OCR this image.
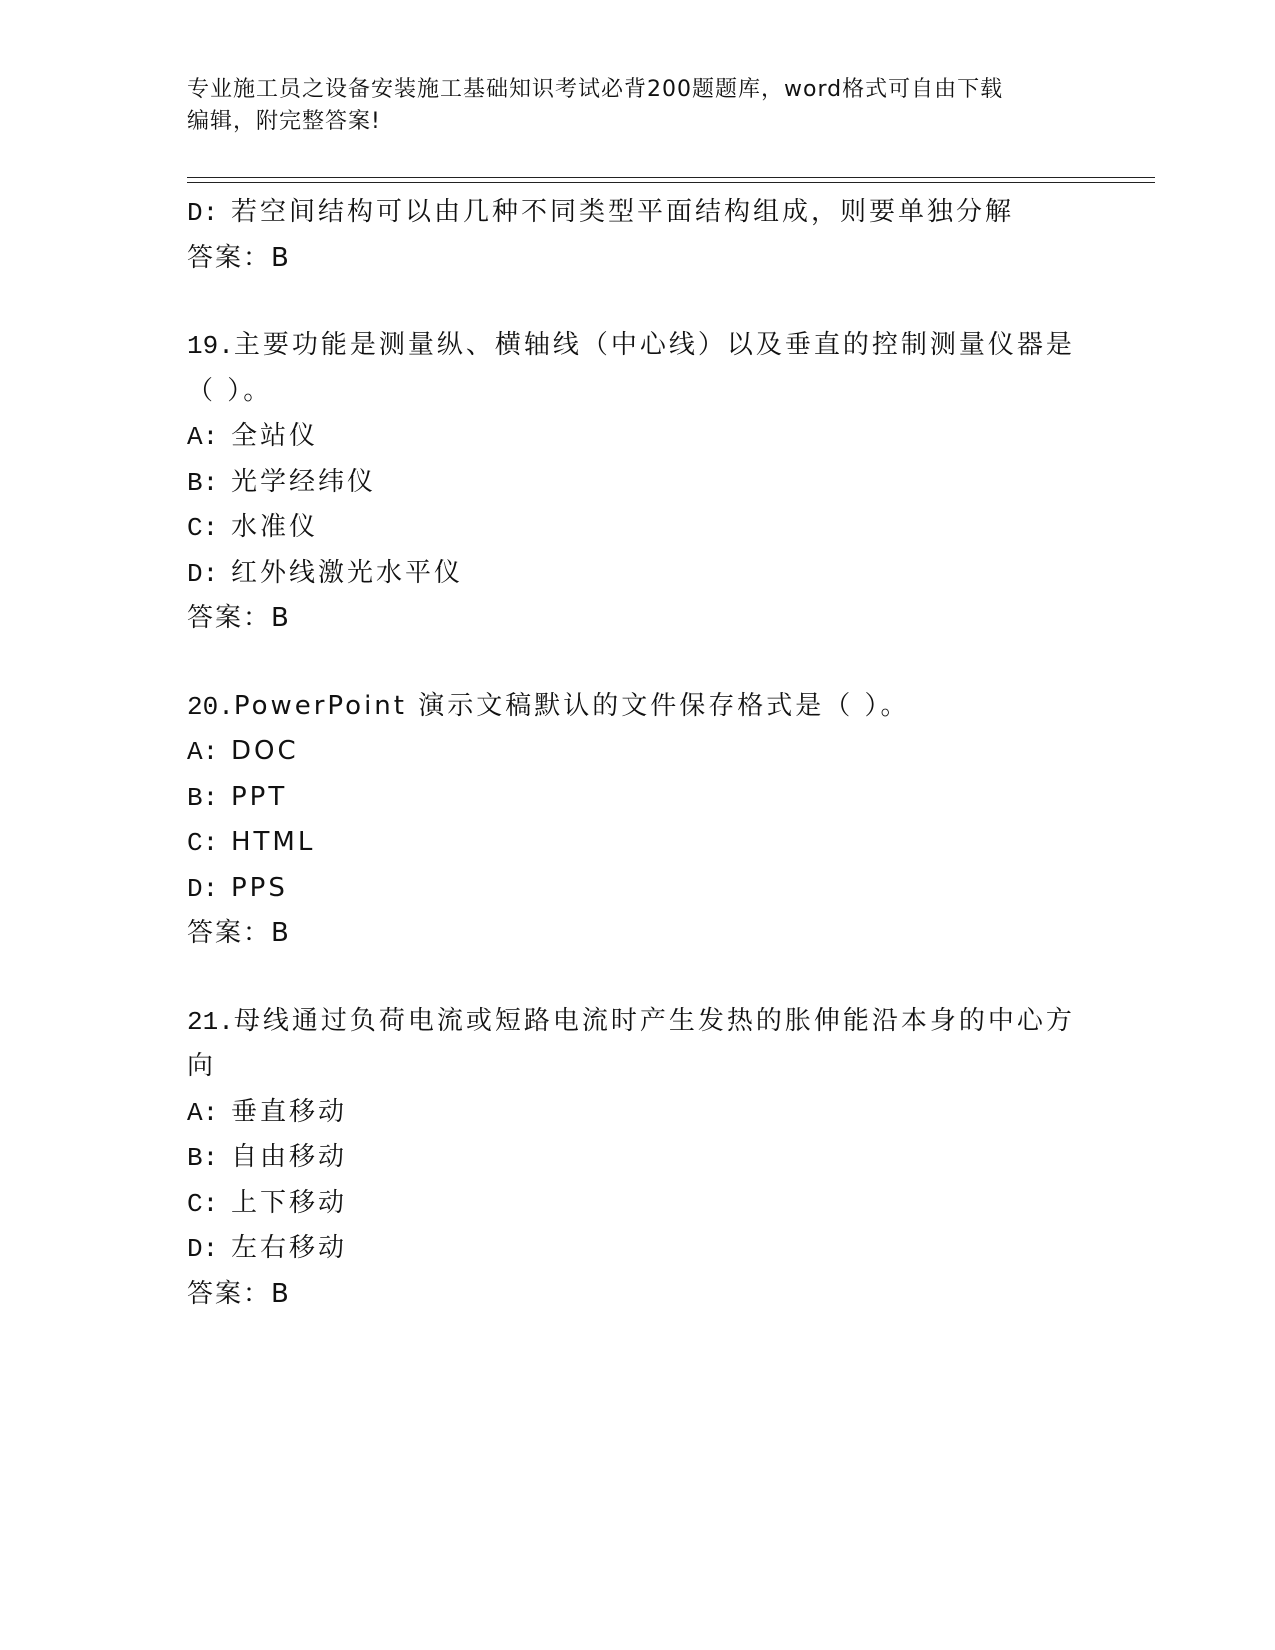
专业施工员之设备安装施工基础知识考试必背200题题库，word格式可自由下载
编辑，附完整答案!
D: 若空间结构可以由几种不同类型平面结构组成，则要单独分解
答案：B
19.主要功能是测量纵、横轴线（中心线）以及垂直的控制测量仪器是
（ ）。
A: 全站仪
B: 光学经纬仪
C: 水准仪
D: 红外线激光水平仪
答案：B
20.PowerPoint 演示文稿默认的文件保存格式是（ ）。
A: DOC
B: PPT
C: HTML
D: PPS
答案：B
21.母线通过负荷电流或短路电流时产生发热的胀伸能沿本身的中心方
向
A: 垂直移动
B: 自由移动
C: 上下移动
D: 左右移动
答案：B
